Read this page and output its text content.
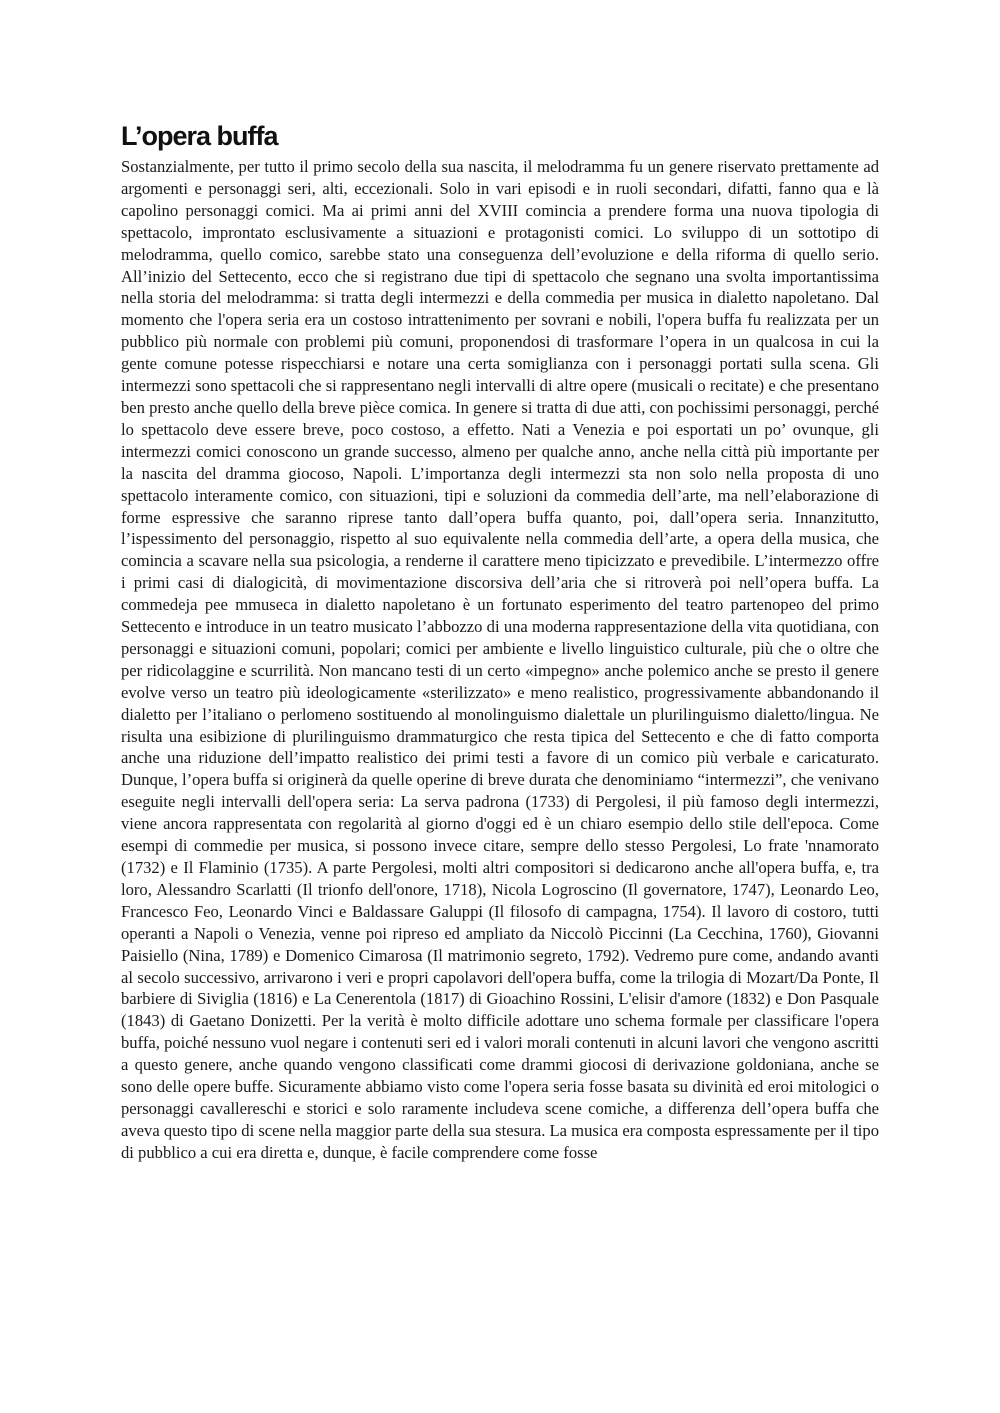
L’opera buffa

Sostanzialmente, per tutto il primo secolo della sua nascita, il melodramma fu un genere riservato prettamente ad argomenti e personaggi seri, alti, eccezionali. Solo in vari episodi e in ruoli secondari, difatti, fanno qua e là capolino personaggi comici. Ma ai primi anni del XVIII comincia a prendere forma una nuova tipologia di spettacolo, improntato esclusivamente a situazioni e protagonisti comici. Lo sviluppo di un sottotipo di melodramma, quello comico, sarebbe stato una conseguenza dell’evoluzione e della riforma di quello serio. All’inizio del Settecento, ecco che si registrano due tipi di spettacolo che segnano una svolta importantissima nella storia del melodramma: si tratta degli intermezzi e della commedia per musica in dialetto napoletano. Dal momento che l'opera seria era un costoso intrattenimento per sovrani e nobili, l'opera buffa fu realizzata per un pubblico più normale con problemi più comuni, proponendosi di trasformare l’opera in un qualcosa in cui la gente comune potesse rispecchiarsi e notare una certa somiglianza con i personaggi portati sulla scena. Gli intermezzi sono spettacoli che si rappresentano negli intervalli di altre opere (musicali o recitate) e che presentano ben presto anche quello della breve pièce comica. In genere si tratta di due atti, con pochissimi personaggi, perché lo spettacolo deve essere breve, poco costoso, a effetto. Nati a Venezia e poi esportati un po’ ovunque, gli intermezzi comici conoscono un grande successo, almeno per qualche anno, anche nella città più importante per la nascita del dramma giocoso, Napoli. L’importanza degli intermezzi sta non solo nella proposta di uno spettacolo interamente comico, con situazioni, tipi e soluzioni da commedia dell’arte, ma nell’elaborazione di forme espressive che saranno riprese tanto dall’opera buffa quanto, poi, dall’opera seria. Innanzitutto, l’ispessimento del personaggio, rispetto al suo equivalente nella commedia dell’arte, a opera della musica, che comincia a scavare nella sua psicologia, a renderne il carattere meno tipicizzato e prevedibile. L’intermezzo offre i primi casi di dialogicità, di movimentazione discorsiva dell’aria che si ritroverà poi nell’opera buffa. La commedeja pee mmuseca in dialetto napoletano è un fortunato esperimento del teatro partenopeo del primo Settecento e introduce in un teatro musicato l’abbozzo di una moderna rappresentazione della vita quotidiana, con personaggi e situazioni comuni, popolari; comici per ambiente e livello linguistico culturale, più che o oltre che per ridicolaggine e scurrilità. Non mancano testi di un certo «impegno» anche polemico anche se presto il genere evolve verso un teatro più ideologicamente «sterilizzato» e meno realistico, progressivamente abbandonando il dialetto per l’italiano o perlomeno sostituendo al monolinguismo dialettale un plurilinguismo dialetto/lingua. Ne risulta una esibizione di plurilinguismo drammaturgico che resta tipica del Settecento e che di fatto comporta anche una riduzione dell’impatto realistico dei primi testi a favore di un comico più verbale e caricaturato. Dunque, l’opera buffa si originerà da quelle operine di breve durata che denominiamo “intermezzi”, che venivano eseguite negli intervalli dell'opera seria: La serva padrona (1733) di Pergolesi, il più famoso degli intermezzi, viene ancora rappresentata con regolarità al giorno d'oggi ed è un chiaro esempio dello stile dell'epoca. Come esempi di commedie per musica, si possono invece citare, sempre dello stesso Pergolesi, Lo frate 'nnamorato (1732) e Il Flaminio (1735). A parte Pergolesi, molti altri compositori si dedicarono anche all'opera buffa, e, tra loro, Alessandro Scarlatti (Il trionfo dell'onore, 1718), Nicola Logroscino (Il governatore, 1747), Leonardo Leo, Francesco Feo, Leonardo Vinci e Baldassare Galuppi (Il filosofo di campagna, 1754). Il lavoro di costoro, tutti operanti a Napoli o Venezia, venne poi ripreso ed ampliato da Niccolò Piccinni (La Cecchina, 1760), Giovanni Paisiello (Nina, 1789) e Domenico Cimarosa (Il matrimonio segreto, 1792). Vedremo pure come, andando avanti al secolo successivo, arrivarono i veri e propri capolavori dell'opera buffa, come la trilogia di Mozart/Da Ponte, Il barbiere di Siviglia (1816) e La Cenerentola (1817) di Gioachino Rossini, L'elisir d'amore (1832) e Don Pasquale (1843) di Gaetano Donizetti. Per la verità è molto difficile adottare uno schema formale per classificare l'opera buffa, poiché nessuno vuol negare i contenuti seri ed i valori morali contenuti in alcuni lavori che vengono ascritti a questo genere, anche quando vengono classificati come drammi giocosi di derivazione goldoniana, anche se sono delle opere buffe. Sicuramente abbiamo visto come l'opera seria fosse basata su divinità ed eroi mitologici o personaggi cavallereschi e storici e solo raramente includeva scene comiche, a differenza dell’opera buffa che aveva questo tipo di scene nella maggior parte della sua stesura. La musica era composta espressamente per il tipo di pubblico a cui era diretta e, dunque, è facile comprendere come fosse
